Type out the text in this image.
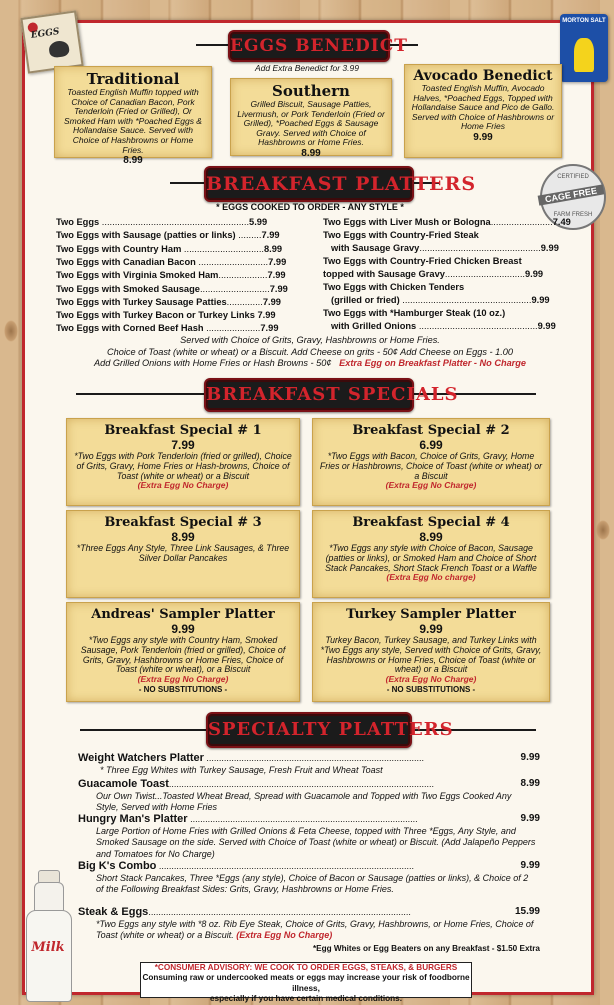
EGGS
MORTON SALT
CERTIFIED
CAGE FREE
FARM FRESH
EGGS BENEDICT
Add Extra Benedict for 3.99
Traditional
Toasted English Muffin topped with Choice of Canadian Bacon, Pork Tenderloin (Fried or Grilled), Or Smoked Ham with *Poached Eggs & Hollandaise Sauce. Served with Choice of Hashbrowns or Home Fries.
8.99
Southern
Grilled Biscuit, Sausage Patties, Livermush, or Pork Tenderloin (Fried or Grilled), *Poached Eggs & Sausage Gravy. Served with Choice of Hashbrowns or Home Fries.
8.99
Avocado Benedict
Toasted English Muffin, Avocado Halves, *Poached Eggs, Topped with Hollandaise Sauce and Pico de Gallo. Served with Choice of Hashbrowns or Home Fries
9.99
BREAKFAST PLATTERS
* EGGS COOKED TO ORDER - ANY STYLE *
Two Eggs .........................................................5.99
Two Eggs with Sausage (patties or links) .........7.99
Two Eggs with Country Ham ...............................8.99
Two Eggs with Canadian Bacon ...........................7.99
Two Eggs with Virginia Smoked Ham...................7.99
Two Eggs with Smoked Sausage...........................7.99
Two Eggs with Turkey Sausage Patties..............7.99
Two Eggs with Turkey Bacon or Turkey Links 7.99
Two Eggs with Corned Beef Hash .....................7.99
Two Eggs with Liver Mush or Bologna........................7.49
Two Eggs with Country-Fried Steak
with Sausage Gravy...............................................9.99
Two Eggs with Country-Fried Chicken Breast
topped with Sausage Gravy...............................9.99
Two Eggs with Chicken Tenders
(grilled or fried) ..................................................9.99
Two Eggs with *Hamburger Steak (10 oz.)
with Grilled Onions ..............................................9.99
Served with Choice of Grits, Gravy, Hashbrowns or Home Fries.
Choice of Toast (white or wheat) or a Biscuit. Add Cheese on grits - 50¢ Add Cheese on Eggs - 1.00
Add Grilled Onions with Home Fries or Hash Browns - 50¢ Extra Egg on Breakfast Platter - No Charge
BREAKFAST SPECIALS
Breakfast Special # 1
7.99
*Two Eggs with Pork Tenderloin (fried or grilled), Choice of Grits, Gravy, Home Fries or Hash-browns, Choice of Toast (white or wheat) or a Biscuit
(Extra Egg No Charge)
Breakfast Special # 2
6.99
*Two Eggs with Bacon, Choice of Grits, Gravy, Home Fries or Hashbrowns, Choice of Toast (white or wheat) or a Biscuit
(Extra Egg No Charge)
Breakfast Special # 3
8.99
*Three Eggs Any Style, Three Link Sausages, & Three Silver Dollar Pancakes
Breakfast Special # 4
8.99
*Two Eggs any style with Choice of Bacon, Sausage (patties or links), or Smoked Ham and Choice of Short Stack Pancakes, Short Stack French Toast or a Waffle
(Extra Egg No charge)
Andreas' Sampler Platter
9.99
*Two Eggs any style with Country Ham, Smoked Sausage, Pork Tenderloin (fried or grilled), Choice of Grits, Gravy, Hashbrowns or Home Fries, Choice of Toast (white or wheat), or a Biscuit
(Extra Egg No Charge)
- NO SUBSTITUTIONS -
Turkey Sampler Platter
9.99
Turkey Bacon, Turkey Sausage, and Turkey Links with *Two Eggs any style, Served with Choice of Grits, Gravy, Hashbrowns or Home Fries, Choice of Toast (white or wheat) or a Biscuit
(Extra Egg No Charge)
- NO SUBSTITUTIONS -
SPECIALTY PLATTERS
Weight Watchers Platter .......................................................................................	9.99
* Three Egg Whites with Turkey Sausage, Fresh Fruit and Wheat Toast
Guacamole Toast..........................................................................................................	8.99
Our Own Twist...Toasted Wheat Bread, Spread with Guacamole and Topped with Two Eggs Cooked Any Style, Served with Home Fries
Hungry Man's Platter ...........................................................................................	9.99
Large Portion of Home Fries with Grilled Onions & Feta Cheese, topped with Three *Eggs, Any Style, and Smoked Sausage on the side. Served with Choice of Toast (white or wheat) or Biscuit. (Add Jalapeño Peppers and Tomatoes for No Charge)
Big K's Combo ......................................................................................................	9.99
Short Stack Pancakes, Three *Eggs (any style), Choice of Bacon or Sausage (patties or links), & Choice of 2 of the Following Breakfast Sides: Grits, Gravy, Hashbrowns or Home Fries.
Steak & Eggs.........................................................................................................	15.99
*Two Eggs any style with *8 oz. Rib Eye Steak, Choice of Grits, Gravy, Hashbrowns, or Home Fries, Choice of Toast (white or wheat) or a Biscuit. (Extra Egg No Charge)
*Egg Whites or Egg Beaters on any Breakfast - $1.50 Extra
*CONSUMER ADVISORY: WE COOK TO ORDER EGGS, STEAKS, & BURGERS
Consuming raw or undercooked meats or eggs may increase your risk of foodborne illness,
especially if you have certain medical conditions.
Milk
